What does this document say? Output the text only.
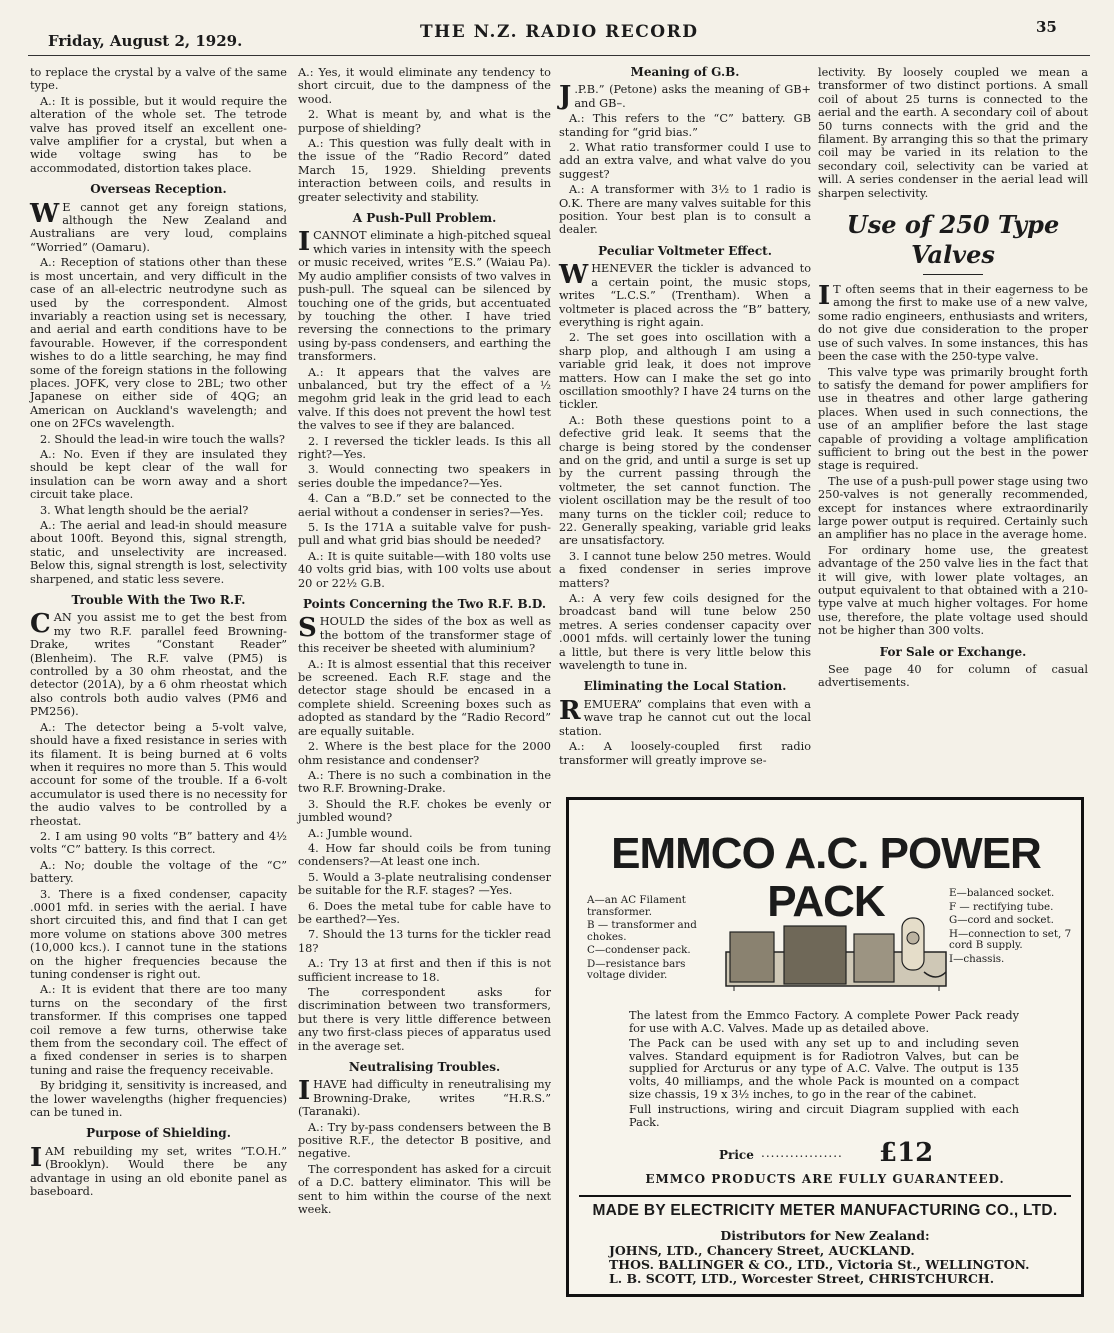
Friday, August 2, 1929.	THE N.Z. RADIO RECORD	35

to replace the crystal by a valve of the same type.

A.: It is possible, but it would require the alteration of the whole set. The tetrode valve has proved itself an excellent one-valve amplifier for a crystal, but when a wide voltage swing has to be accommodated, distortion takes place.

Overseas Reception.

W E cannot get any foreign stations, although the New Zealand and Australians are very loud, complains “Worried” (Oamaru).

A.: Reception of stations other than these is most uncertain, and very difficult in the case of an all-electric neutrodyne such as used by the correspondent. Almost invariably a reaction using set is necessary, and aerial and earth conditions have to be favourable. However, if the correspondent wishes to do a little searching, he may find some of the foreign stations in the following places. JOFK, very close to 2BL; two other Japanese on either side of 4QG; an American on Auckland's wavelength; and one on 2FCs wavelength.

2. Should the lead-in wire touch the walls?

A.: No. Even if they are insulated they should be kept clear of the wall for insulation can be worn away and a short circuit take place.

3. What length should be the aerial?

A.: The aerial and lead-in should measure about 100ft. Beyond this, signal strength, static, and unselectivity are increased. Below this, signal strength is lost, selectivity sharpened, and static less severe.

Trouble With the Two R.F.

CAN you assist me to get the best from my two R.F. parallel feed Browning-Drake, writes “Constant Reader” (Blenheim). The R.F. valve (PM5) is controlled by a 30 ohm rheostat, and the detector (201A), by a 6 ohm rheostat which also controls both audio valves (PM6 and PM256).

A.: The detector being a 5-volt valve, should have a fixed resistance in series with its filament. It is being burned at 6 volts when it requires no more than 5. This would account for some of the trouble. If a 6-volt accumulator is used there is no necessity for the audio valves to be controlled by a rheostat.

2. I am using 90 volts “B” battery and 4½ volts “C” battery. Is this correct.

A.: No; double the voltage of the “C” battery.

3. There is a fixed condenser, capacity .0001 mfd. in series with the aerial. I have short circuited this, and find that I can get more volume on stations above 300 metres (10,000 kcs.). I cannot tune in the stations on the higher frequencies because the tuning condenser is right out.

A.: It is evident that there are too many turns on the secondary of the first transformer. If this comprises one tapped coil remove a few turns, otherwise take them from the secondary coil. The effect of a fixed condenser in series is to sharpen tuning and raise the frequency receivable.

By bridging it, sensitivity is increased, and the lower wavelengths (higher frequencies) can be tuned in.

Purpose of Shielding.

IAM rebuilding my set, writes “T.O.H.” (Brooklyn). Would there be any advantage in using an old ebonite panel as baseboard.

A.: Yes, it would eliminate any tendency to short circuit, due to the dampness of the wood.

2. What is meant by, and what is the purpose of shielding?

A.: This question was fully dealt with in the issue of the “Radio Record” dated March 15, 1929. Shielding prevents interaction between coils, and results in greater selectivity and stability.

A Push-Pull Problem.

ICANNOT eliminate a high-pitched squeal which varies in intensity with the speech or music received, writes “E.S.” (Waiau Pa). My audio amplifier consists of two valves in push-pull. The squeal can be silenced by touching one of the grids, but accentuated by touching the other. I have tried reversing the connections to the primary using by-pass condensers, and earthing the transformers.

A.: It appears that the valves are unbalanced, but try the effect of a ½ megohm grid leak in the grid lead to each valve. If this does not prevent the howl test the valves to see if they are balanced.

2. I reversed the tickler leads. Is this all right?—Yes.

3. Would connecting two speakers in series double the impedance?—Yes.

4. Can a “B.D.” set be connected to the aerial without a condenser in series?—Yes.

5. Is the 171A a suitable valve for push-pull and what grid bias should be needed?

A.: It is quite suitable—with 180 volts use 40 volts grid bias, with 100 volts use about 20 or 22½ G.B.

Points Concerning the Two R.F. B.D.

SHOULD the sides of the box as well as the bottom of the transformer stage of this receiver be sheeted with aluminium?

A.: It is almost essential that this receiver be screened. Each R.F. stage and the detector stage should be encased in a complete shield. Screening boxes such as adopted as standard by the “Radio Record” are equally suitable.

2. Where is the best place for the 2000 ohm resistance and condenser?

A.: There is no such a combination in the two R.F. Browning-Drake.

3. Should the R.F. chokes be evenly or jumbled wound?

A.: Jumble wound.

4. How far should coils be from tuning condensers?—At least one inch.

5. Would a 3-plate neutralising condenser be suitable for the R.F. stages? —Yes.

6. Does the metal tube for cable have to be earthed?—Yes.

7. Should the 13 turns for the tickler read 18?

A.: Try 13 at first and then if this is not sufficient increase to 18.

The correspondent asks for discrimination between two transformers, but there is very little difference between any two first-class pieces of apparatus used in the average set.

Neutralising Troubles.

IHAVE had difficulty in reneutralising my Browning-Drake, writes “H.R.S.” (Taranaki).

A.: Try by-pass condensers between the B positive R.F., the detector B positive, and negative.

The correspondent has asked for a circuit of a D.C. battery eliminator. This will be sent to him within the course of the next week.

Meaning of G.B.

J .P.B.” (Petone) asks the meaning of GB+ and GB–.

A.: This refers to the “C” battery. GB standing for “grid bias.”

2. What ratio transformer could I use to add an extra valve, and what valve do you suggest?

A.: A transformer with 3½ to 1 radio is O.K. There are many valves suitable for this position. Your best plan is to consult a dealer.

Peculiar Voltmeter Effect.

WHENEVER the tickler is advanced to a certain point, the music stops, writes “L.C.S.” (Trentham). When a voltmeter is placed across the “B” battery, everything is right again.

2. The set goes into oscillation with a sharp plop, and although I am using a variable grid leak, it does not improve matters. How can I make the set go into oscillation smoothly? I have 24 turns on the tickler.

A.: Both these questions point to a defective grid leak. It seems that the charge is being stored by the condenser and on the grid, and until a surge is set up by the current passing through the voltmeter, the set cannot function. The violent oscillation may be the result of too many turns on the tickler coil; reduce to 22. Generally speaking, variable grid leaks are unsatisfactory.

3. I cannot tune below 250 metres. Would a fixed condenser in series improve matters?

A.: A very few coils designed for the broadcast band will tune below 250 metres. A series condenser capacity over .0001 mfds. will certainly lower the tuning a little, but there is very little below this wavelength to tune in.

Eliminating the Local Station.

REMUERA” complains that even with a wave trap he cannot cut out the local station.

A.: A loosely-coupled first radio transformer will greatly improve se-

lectivity. By loosely coupled we mean a transformer of two distinct portions. A small coil of about 25 turns is connected to the aerial and the earth. A secondary coil of about 50 turns connects with the grid and the filament. By arranging this so that the primary coil may be varied in its relation to the secondary coil, selectivity can be varied at will. A series condenser in the aerial lead will sharpen selectivity.

Use of 250 Type Valves

I T often seems that in their eagerness to be among the first to make use of a new valve, some radio engineers, enthusiasts and writers, do not give due consideration to the proper use of such valves. In some instances, this has been the case with the 250-type valve.

This valve type was primarily brought forth to satisfy the demand for power amplifiers for use in theatres and other large gathering places. When used in such connections, the use of an amplifier before the last stage capable of providing a voltage amplification sufficient to bring out the best in the power stage is required.

The use of a push-pull power stage using two 250-valves is not generally recommended, except for instances where extraordinarily large power output is required. Certainly such an amplifier has no place in the average home.

For ordinary home use, the greatest advantage of the 250 valve lies in the fact that it will give, with lower plate voltages, an output equivalent to that obtained with a 210-type valve at much higher voltages. For home use, therefore, the plate voltage used should not be higher than 300 volts.

For Sale or Exchange.

See page 40 for column of casual advertisements.

EMMCO A.C. POWER PACK
A—an AC Filament transformer.
B — transformer and chokes.
C—condenser pack.
D—resistance bars voltage divider.
E—balanced socket.
F — rectifying tube.
G—cord and socket.
H—connection to set, 7 cord B supply.
I—chassis.

The latest from the Emmco Factory. A complete Power Pack ready for use with A.C. Valves. Made up as detailed above.

The Pack can be used with any set up to and including seven valves. Standard equipment is for Radiotron Valves, but can be supplied for Arcturus or any type of A.C. Valve. The output is 135 volts, 40 milliamps, and the whole Pack is mounted on a compact size chassis, 19 x 3½ inches, to go in the rear of the cabinet.

Full instructions, wiring and circuit Diagram supplied with each Pack.

Price ................. £12
EMMCO PRODUCTS ARE FULLY GUARANTEED.
MADE BY ELECTRICITY METER MANUFACTURING CO., LTD.
Distributors for New Zealand:
JOHNS, LTD., Chancery Street, AUCKLAND.
THOS. BALLINGER & CO., LTD., Victoria St., WELLINGTON.
L. B. SCOTT, LTD., Worcester Street, CHRISTCHURCH.
